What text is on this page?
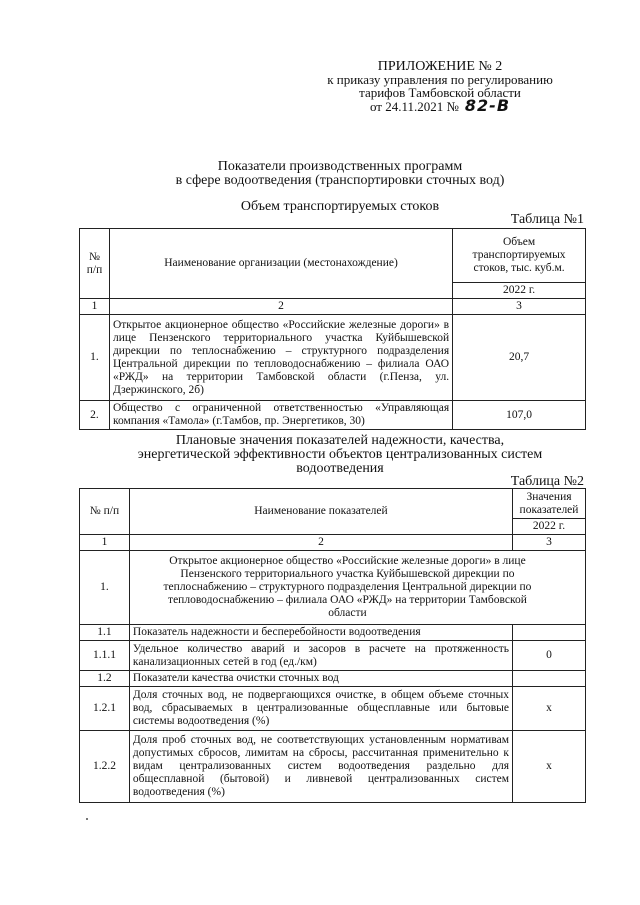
ПРИЛОЖЕНИЕ № 2
к приказу управления по регулированию
тарифов Тамбовской области
от 24.11.2021 № 82-В
Показатели производственных программ
в сфере водоотведения (транспортировки сточных вод)
Объем транспортируемых стоков
Таблица №1
№ п/п	Наименование организации (местонахождение)	Объем транспортируемых стоков, тыс. куб.м.
		2022 г.
1	2	3
1.	Открытое акционерное общество «Российские железные дороги» в лице Пензенского территориального участка Куйбышевской дирекции по теплоснабжению – структурного подразделения Центральной дирекции по тепловодоснабжению – филиала ОАО «РЖД» на территории Тамбовской области (г.Пенза, ул. Дзержинского, 2б)	20,7
2.	Общество с ограниченной ответственностью «Управляющая компания «Тамола» (г.Тамбов, пр. Энергетиков, 30)	107,0
Плановые значения показателей надежности, качества,
энергетической эффективности объектов централизованных систем
водоотведения
Таблица №2
№ п/п	Наименование показателей	Значения показателей
		2022 г.
1	2	3
1.	Открытое акционерное общество «Российские железные дороги» в лице Пензенского территориального участка Куйбышевской дирекции по теплоснабжению – структурного подразделения Центральной дирекции по тепловодоснабжению – филиала ОАО «РЖД» на территории Тамбовской области	
1.1	Показатель надежности и бесперебойности водоотведения	
1.1.1	Удельное количество аварий и засоров в расчете на протяженность канализационных сетей в год (ед./км)	0
1.2	Показатели качества очистки сточных вод	
1.2.1	Доля сточных вод, не подвергающихся очистке, в общем объеме сточных вод, сбрасываемых в централизованные общесплавные или бытовые системы водоотведения (%)	x
1.2.2	Доля проб сточных вод, не соответствующих установленным нормативам допустимых сбросов, лимитам на сбросы, рассчитанная применительно к видам централизованных систем водоотведения раздельно для общесплавной (бытовой) и ливневой централизованных систем водоотведения (%)	x
